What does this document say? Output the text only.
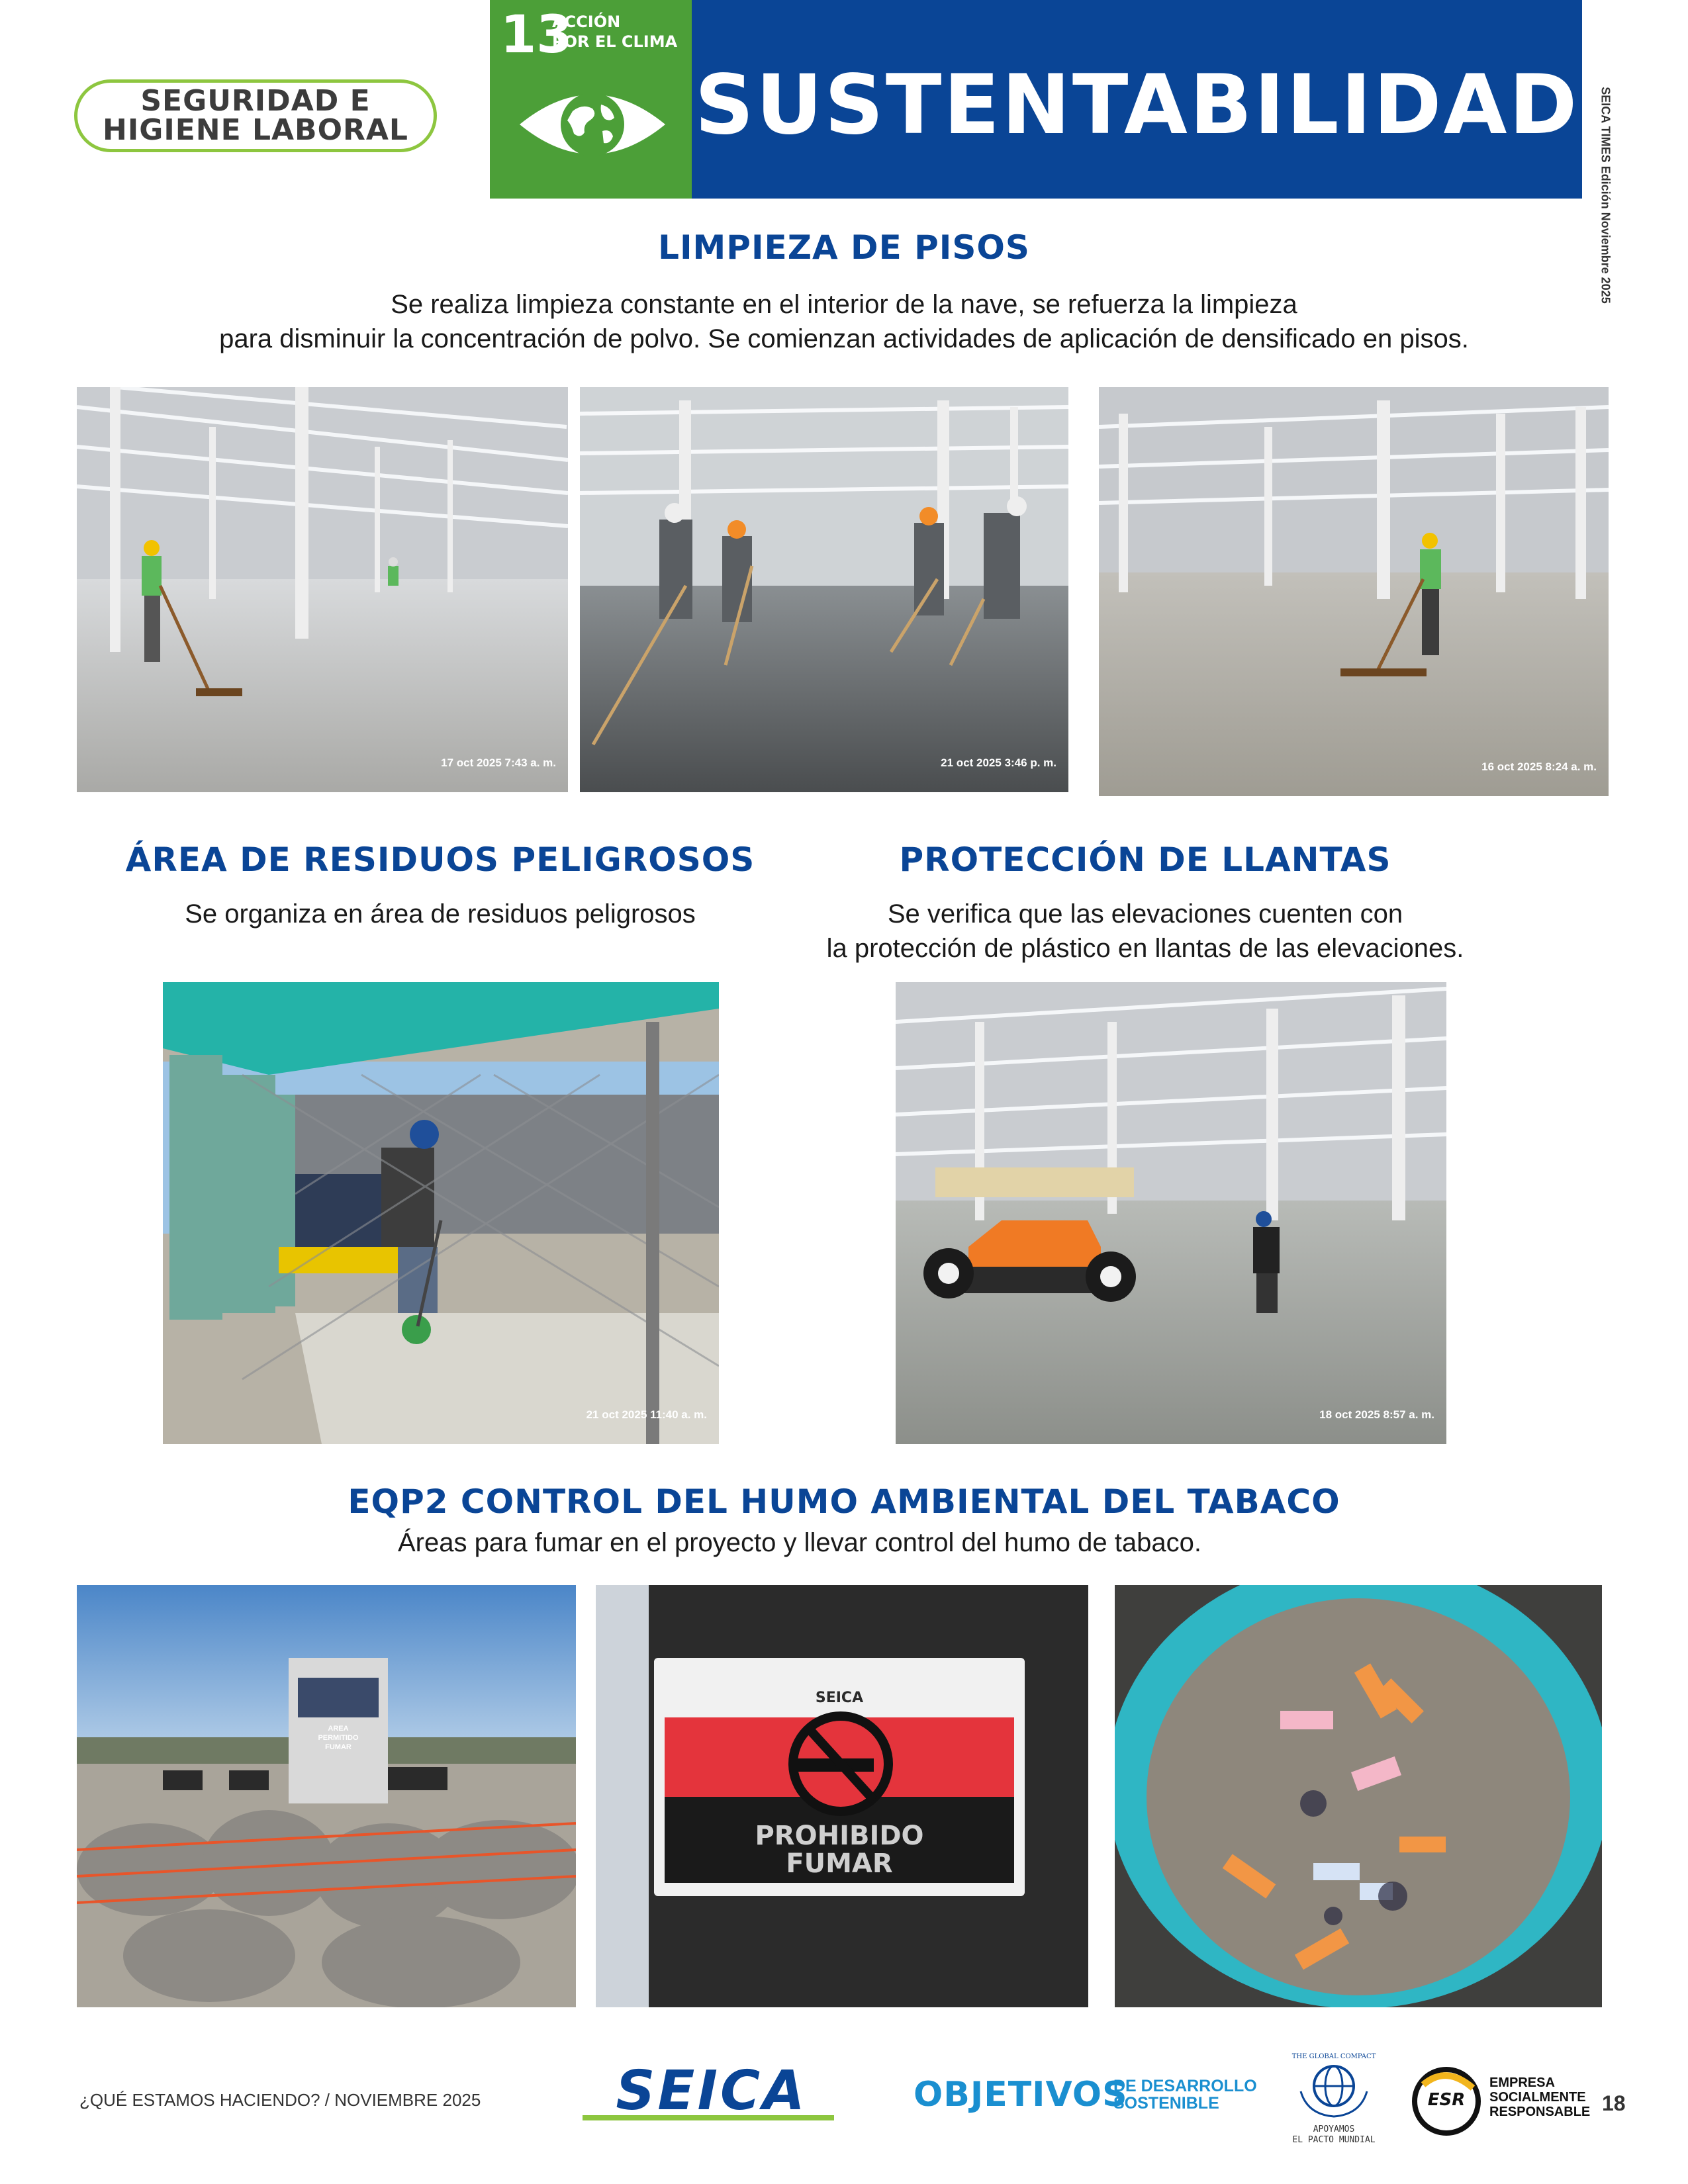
SEGURIDAD E
HIGIENE LABORAL
13
ACCIÓN
POR EL CLIMA
SUSTENTABILIDAD SEICA TIMES Edición Noviembre 2025
LIMPIEZA DE PISOS
Se realiza limpieza constante en el interior de la nave, se refuerza la limpieza
para disminuir la concentración de polvo. Se comienzan actividades de aplicación de densificado en pisos.
17 oct 2025 7:43 a. m.	21 oct 2025 3:46 p. m.	16 oct 2025 8:24 a. m.
ÁREA DE RESIDUOS PELIGROSOS
Se organiza en área de residuos peligrosos
PROTECCIÓN DE LLANTAS
Se verifica que las elevaciones cuenten con
la protección de plástico en llantas de las elevaciones.
21 oct 2025 11:40 a. m.	18 oct 2025 8:57 a. m.
EQP2 CONTROL DEL HUMO AMBIENTAL DEL TABACO
Áreas para fumar en el proyecto y llevar control del humo de tabaco.
AREA
PERMITIDO FUMAR
SEICA
PROHIBIDO
FUMAR
¿QUÉ ESTAMOS HACIENDO? / NOVIEMBRE 2025	SEICA	OBJETIVOS
DE DESARROLLO
SOSTENIBLE
THE GLOBAL COMPACT
APOYAMOS
EL PACTO MUNDIAL
ESR
EMPRESA
SOCIALMENTE
RESPONSABLE 18
